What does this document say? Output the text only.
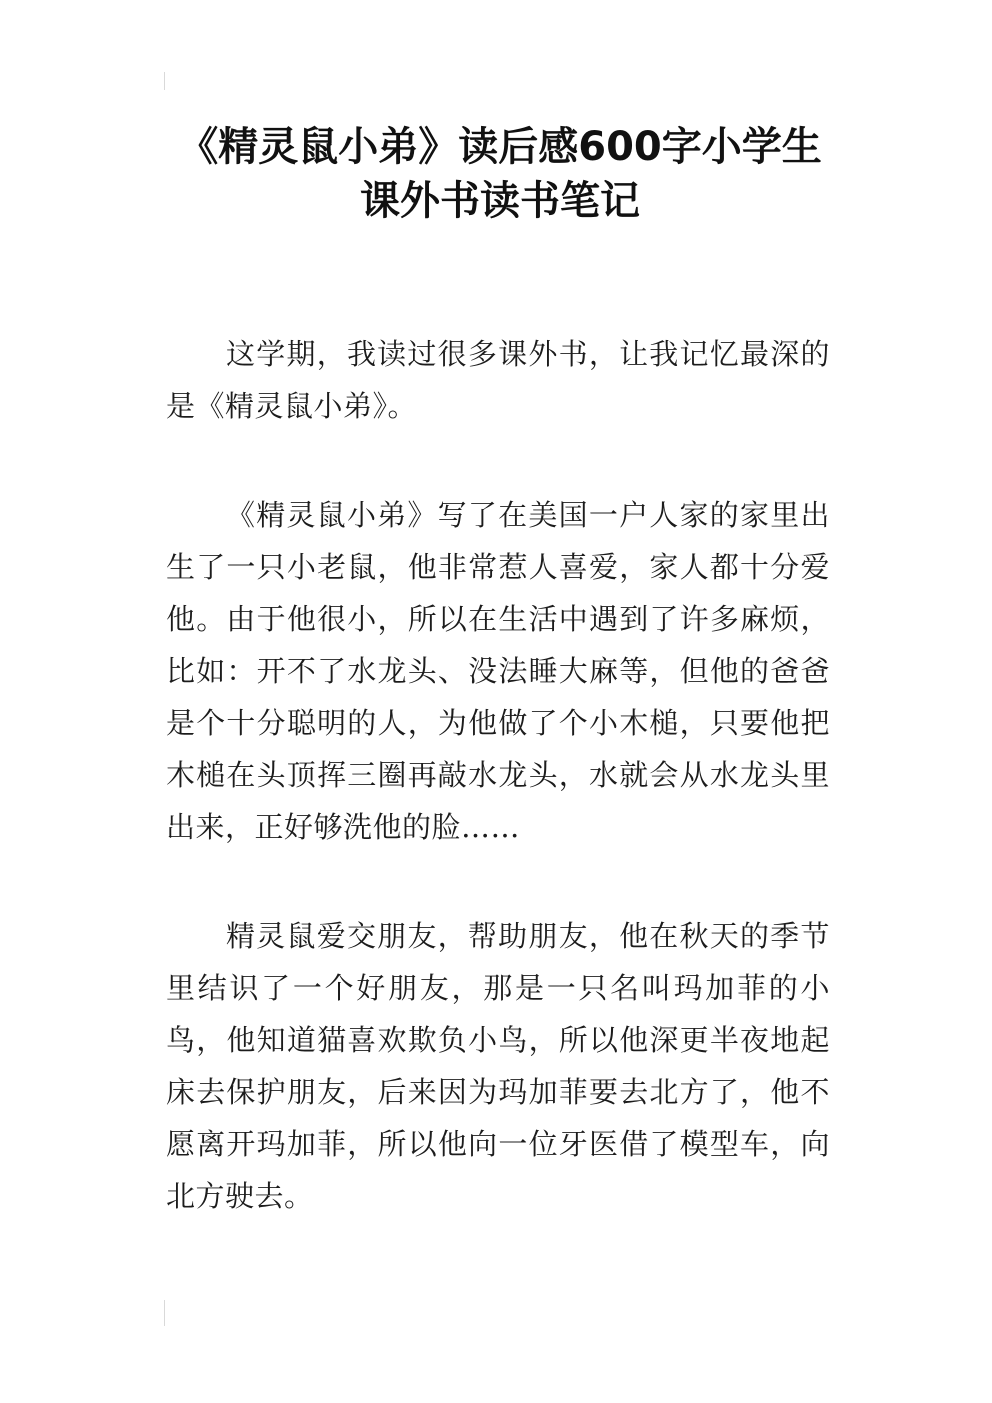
《精灵鼠小弟》读后感600字小学生
课外书读书笔记

这学期，我读过很多课外书，让我记忆最深的是《精灵鼠小弟》。

《精灵鼠小弟》写了在美国一户人家的家里出生了一只小老鼠，他非常惹人喜爱，家人都十分爱他。由于他很小，所以在生活中遇到了许多麻烦，比如：开不了水龙头、没法睡大麻等，但他的爸爸是个十分聪明的人，为他做了个小木槌，只要他把木槌在头顶挥三圈再敲水龙头，水就会从水龙头里出来，正好够洗他的脸……

精灵鼠爱交朋友，帮助朋友，他在秋天的季节里结识了一个好朋友，那是一只名叫玛加菲的小鸟，他知道猫喜欢欺负小鸟，所以他深更半夜地起床去保护朋友，后来因为玛加菲要去北方了，他不愿离开玛加菲，所以他向一位牙医借了模型车，向北方驶去。
